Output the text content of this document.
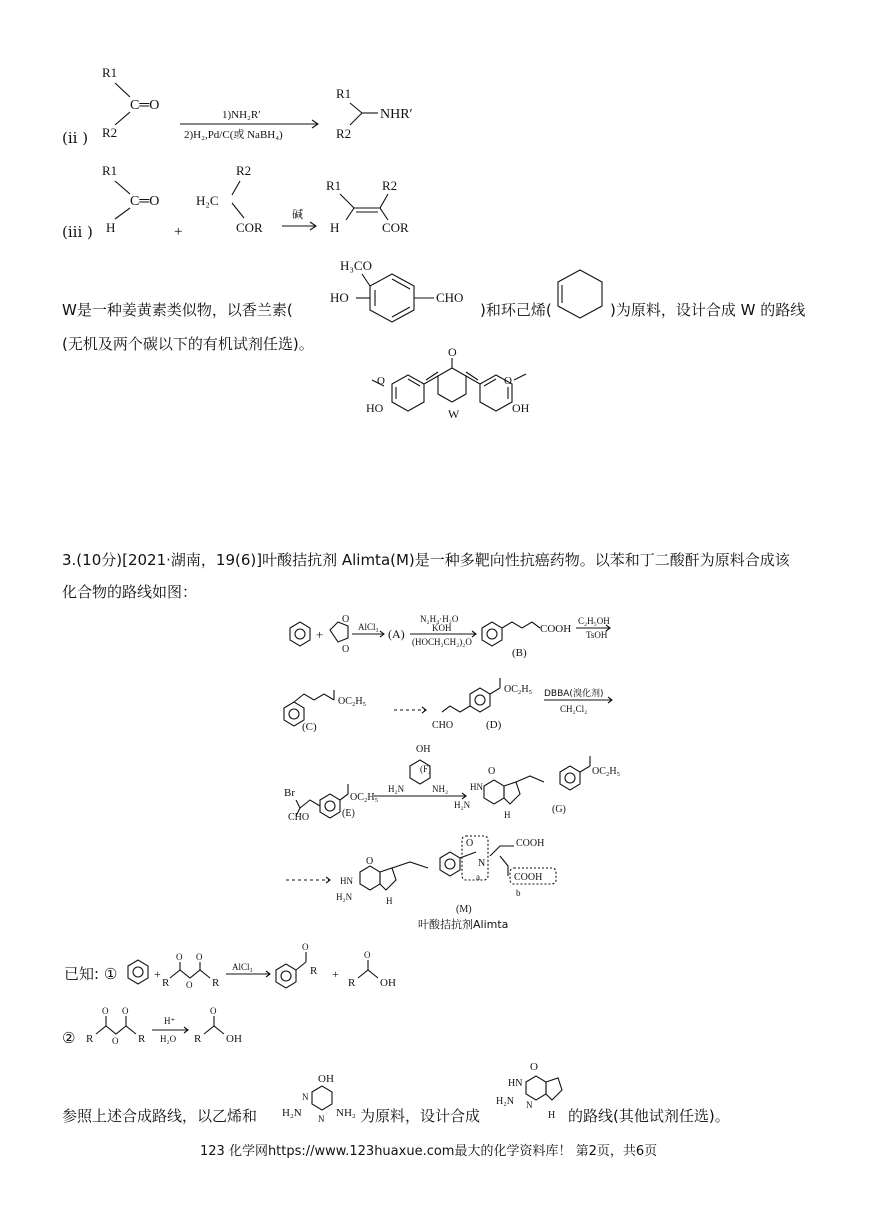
(ii )
R1
R2
C═O
1)NH₂R′
2)H₂,Pd/C(或 NaBH₄)
R1
R2
NHR′
(iii )
R1
C═O
H	+
R2
H₂C
COR
碱
R1	R2
H	COR
W是一种姜黄素类似物，以香兰素(
H₃CO
HO	CHO
)和环己烯(	)为原料，设计合成 W 的路线
(无机及两个碳以下的有机试剂任选)。
O
HO
O
W
O
OH
3.(10分)[2021·湖南，19(6)]叶酸拮抗剂 Alimta(M)是一种多靶向性抗癌药物。以苯和丁二酸酐为原料合成该
化合物的路线如图：
+
O
O
AlCl₃ (A)
N₂H₄·H₂O
KOH
(HOCH₂CH₂)₂O
COOH
(B)
C₂H₅OH
TsOH
OC₂H₅
(C)
OC₂H₅
CHO	(D)
DBBA(溴化剂)
CH₂Cl₂
Br
CHO
OC₂H₅
(E)
OH
H₂N	NH₂
(F)	O
HN
H₂N
H
OC₂H₅
(G)
O
HN
H₂N	H
O
N
a
COOH
COOH
b
(M)
叶酸拮抗剂Alimta
已知: ①	+
R
O
O
O
R
AlCl₃
O
R +
R
O
OH
② R
O
O
O
R
H⁺
H₂O R
O
OH
参照上述合成路线，以乙烯和
OH
H₂N	NH₂
N
N 为原料，设计合成
O
HN
H₂N N
H 的路线(其他试剂任选)。
123 化学网https://www.123huaxue.com最大的化学资料库！ 第2页，共6页
